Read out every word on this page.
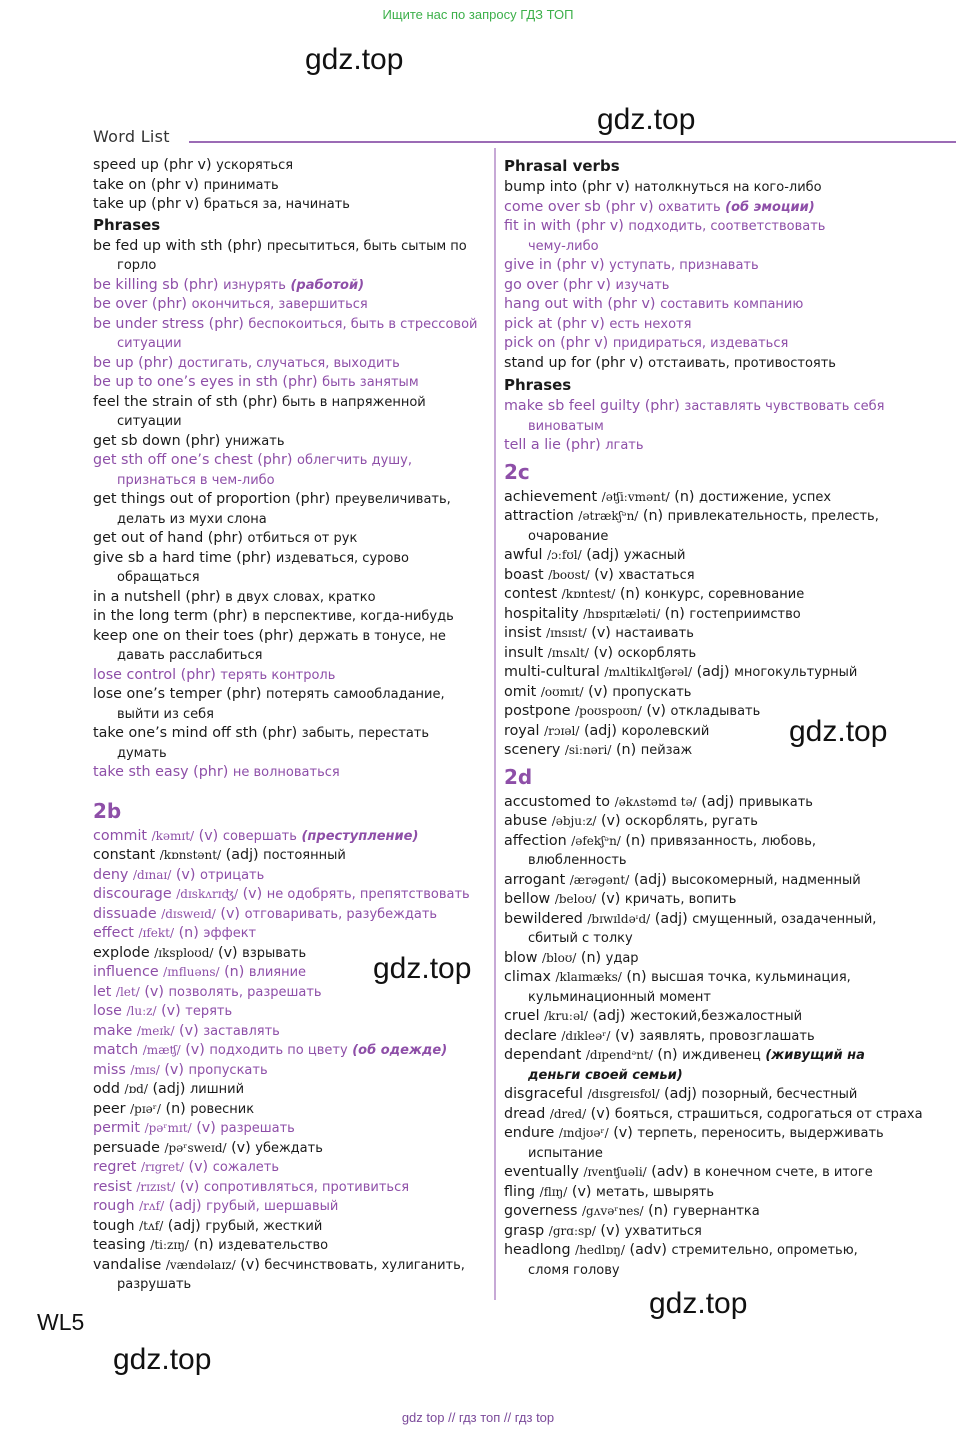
Ищите нас по запросу ГДЗ ТОП
gdz.top
gdz.top
gdz.top
gdz.top
gdz.top
gdz.top
Word List
speed up (phr v) ускоряться
take on (phr v) принимать
take up (phr v) браться за, начинать
Phrases
be fed up with sth (phr) пресытиться, быть сытым по
горло
be killing sb (phr) изнурять (работой)
be over (phr) окончиться, завершиться
be under stress (phr) беспокоиться, быть в стрессовой
ситуации
be up (phr) достигать, случаться, выходить
be up to one’s eyes in sth (phr) быть занятым
feel the strain of sth (phr) быть в напряженной
ситуации
get sb down (phr) унижать
get sth off one’s chest (phr) облегчить душу,
признаться в чем-либо
get things out of proportion (phr) преувеличивать,
делать из мухи слона
get out of hand (phr) отбиться от рук
give sb a hard time (phr) издеваться, сурово
обращаться
in a nutshell (phr) в двух словах, кратко
in the long term (phr) в перспективе, когда-нибудь
keep one on their toes (phr) держать в тонусе, не
давать расслабиться
lose control (phr) терять контроль
lose one’s temper (phr) потерять самообладание,
выйти из себя
take one’s mind off sth (phr) забыть, перестать
думать
take sth easy (phr) не волноваться
2b
commit /kəmɪt/ (v) совершать (преступление)
constant /kɒnstənt/ (adj) постоянный
deny /dɪnaɪ/ (v) отрицать
discourage /dɪskʌrɪʤ/ (v) не одобрять, препятствовать
dissuade /dɪsweɪd/ (v) отговаривать, разубеждать
effect /ɪfekt/ (n) эффект
explode /ɪksploʊd/ (v) взрывать
influence /ɪnfluəns/ (n) влияние
let /let/ (v) позволять, разрешать
lose /luːz/ (v) терять
make /meɪk/ (v) заставлять
match /mæʧ/ (v) подходить по цвету (об одежде)
miss /mɪs/ (v) пропускать
odd /ɒd/ (adj) лишний
peer /pɪəʳ/ (n) ровесник
permit /pəʳmɪt/ (v) разрешать
persuade /pəʳsweɪd/ (v) убеждать
regret /rɪgret/ (v) сожалеть
resist /rɪzɪst/ (v) сопротивляться, противиться
rough /rʌf/ (adj) грубый, шершавый
tough /tʌf/ (adj) грубый, жесткий
teasing /tiːzɪŋ/ (n) издевательство
vandalise /vændəlaɪz/ (v) бесчинствовать, хулиганить,
разрушать
Phrasal verbs
bump into (phr v) натолкнуться на кого-либо
come over sb (phr v) охватить (об эмоции)
fit in with (phr v) подходить, соответствовать
чему-либо
give in (phr v) уступать, признавать
go over (phr v) изучать
hang out with (phr v) составить компанию
pick at (phr v) есть нехотя
pick on (phr v) придираться, издеваться
stand up for (phr v) отстаивать, противостоять
Phrases
make sb feel guilty (phr) заставлять чувствовать себя
виноватым
tell a lie (phr) лгать
2c
achievement /əʧiːvmənt/ (n) достижение, успех
attraction /ətrækʃᵊn/ (n) привлекательность, прелесть,
очарование
awful /ɔːfʊl/ (adj) ужасный
boast /boʊst/ (v) хвастаться
contest /kɒntest/ (n) конкурс, соревнование
hospitality /hɒspɪtæləti/ (n) гостеприимство
insist /ɪnsɪst/ (v) настаивать
insult /ɪnsʌlt/ (v) оскорблять
multi-cultural /mʌltikʌlʧərəl/ (adj) многокультурный
omit /oʊmɪt/ (v) пропускать
postpone /poʊspoʊn/ (v) откладывать
royal /rɔɪəl/ (adj) королевский
scenery /siːnəri/ (n) пейзаж
2d
accustomed to /əkʌstəmd tə/ (adj) привыкать
abuse /əbjuːz/ (v) оскорблять, ругать
affection /əfekʃᵊn/ (n) привязанность, любовь,
влюбленность
arrogant /ærəgənt/ (adj) высокомерный, надменный
bellow /beloʊ/ (v) кричать, вопить
bewildered /bɪwɪldəᶦd/ (adj) смущенный, озадаченный,
сбитый с толку
blow /bloʊ/ (n) удар
climax /klaɪmæks/ (n) высшая точка, кульминация,
кульминационный момент
cruel /kruːəl/ (adj) жестокий,безжалостный
declare /dɪkleəʳ/ (v) заявлять, провозглашать
dependant /dɪpendᵊnt/ (n) иждивенец (живущий на
деньги своей семьи)
disgraceful /dɪsgreɪsfʊl/ (adj) позорный, бесчестный
dread /dred/ (v) бояться, страшиться, содрогаться от страха
endure /ɪndjʊəʳ/ (v) терпеть, переносить, выдерживать
испытание
eventually /ɪvenʧuəli/ (adv) в конечном счете, в итоге
fling /flɪŋ/ (v) метать, швырять
governess /gʌvəʳnes/ (n) гувернантка
grasp /grɑːsp/ (v) ухватиться
headlong /hedlɒŋ/ (adv) стремительно, опрометью,
сломя голову
WL5
gdz top // гдз топ // гдз top
